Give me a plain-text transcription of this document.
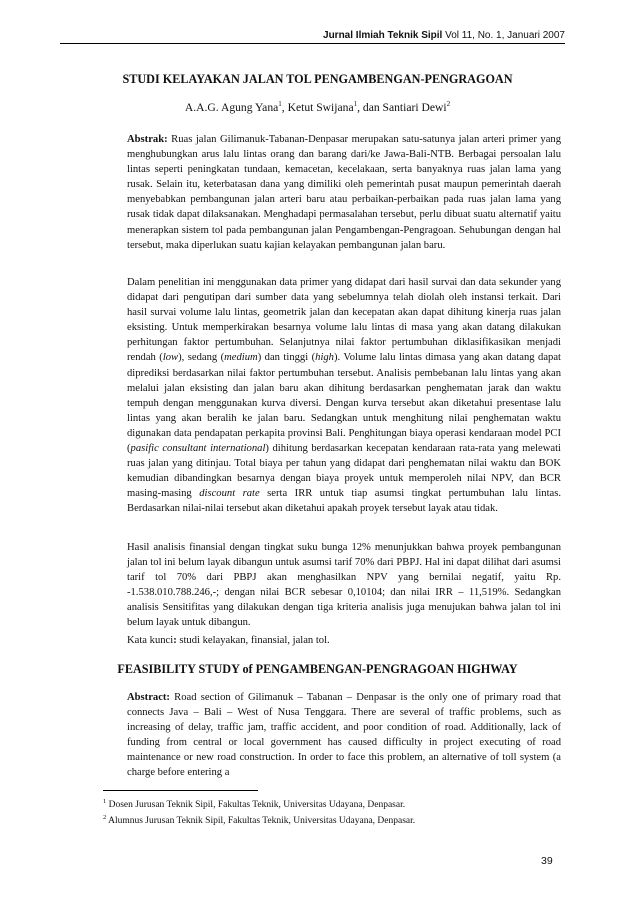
Jurnal Ilmiah Teknik Sipil Vol 11, No. 1, Januari 2007
STUDI KELAYAKAN JALAN TOL PENGAMBENGAN-PENGRAGOAN
A.A.G. Agung Yana$^1$, Ketut Swijana$^1$, dan Santiari Dewi$^2$
Abstrak: Ruas jalan Gilimanuk-Tabanan-Denpasar merupakan satu-satunya jalan arteri primer yang menghubungkan arus lalu lintas orang dan barang dari/ke Jawa-Bali-NTB. Berbagai persoalan lalu lintas seperti peningkatan tundaan, kemacetan, kecelakaan, serta banyaknya ruas jalan lama yang rusak. Selain itu, keterbatasan dana yang dimiliki oleh pemerintah pusat maupun pemerintah daerah menyebabkan pembangunan jalan arteri baru atau perbaikan-perbaikan pada ruas jalan lama yang rusak tidak dapat dilaksanakan. Menghadapi permasalahan tersebut, perlu dibuat suatu alternatif yaitu menerapkan sistem tol pada pembangunan jalan Pengambengan-Pengragoan. Sehubungan dengan hal tersebut, maka diperlukan suatu kajian kelayakan pembangunan jalan baru.
Dalam penelitian ini menggunakan data primer yang didapat dari hasil survai dan data sekunder yang didapat dari pengutipan dari sumber data yang sebelumnya telah diolah oleh instansi terkait. Dari hasil survai volume lalu lintas, geometrik jalan dan kecepatan akan dapat dihitung kinerja ruas jalan eksisting. Untuk memperkirakan besarnya volume lalu lintas di masa yang akan datang dilakukan perhitungan faktor pertumbuhan. Selanjutnya nilai faktor pertumbuhan diklasifikasikan menjadi rendah (low), sedang (medium) dan tinggi (high). Volume lalu lintas dimasa yang akan datang dapat diprediksi berdasarkan nilai faktor pertumbuhan tersebut. Analisis pembebanan lalu lintas yang akan melalui jalan eksisting dan jalan baru akan dihitung berdasarkan penghematan jarak dan waktu tempuh dengan menggunakan kurva diversi. Dengan kurva tersebut akan diketahui presentase lalu lintas yang akan beralih ke jalan baru. Sedangkan untuk menghitung nilai penghematan waktu digunakan data pendapatan perkapita provinsi Bali. Penghitungan biaya operasi kendaraan model PCI (pasific consultant international) dihitung berdasarkan kecepatan kendaraan rata-rata yang melewati ruas jalan yang ditinjau. Total biaya per tahun yang didapat dari penghematan nilai waktu dan BOK kemudian dibandingkan besarnya dengan biaya proyek untuk memperoleh nilai NPV, dan BCR masing-masing discount rate serta IRR untuk tiap asumsi tingkat pertumbuhan lalu lintas. Berdasarkan nilai-nilai tersebut akan diketahui apakah proyek tersebut layak atau tidak.
Hasil analisis finansial dengan tingkat suku bunga 12% menunjukkan bahwa proyek pembangunan jalan tol ini belum layak dibangun untuk asumsi tarif 70% dari PBPJ. Hal ini dapat dilihat dari asumsi tarif tol 70% dari PBPJ akan menghasilkan NPV yang bernilai negatif, yaitu Rp. -1.538.010.788.246,-; dengan nilai BCR sebesar 0,10104; dan nilai IRR – 11,519%. Sedangkan analisis Sensitifitas yang dilakukan dengan tiga kriteria analisis juga menujukan bahwa jalan tol ini belum layak untuk dibangun.
Kata kunci: studi kelayakan, finansial, jalan tol.
FEASIBILITY STUDY of PENGAMBENGAN-PENGRAGOAN HIGHWAY
Abstract: Road section of Gilimanuk – Tabanan – Denpasar is the only one of primary road that connects Java – Bali – West of Nusa Tenggara. There are several of traffic problems, such as increasing of delay, traffic jam, traffic accident, and poor condition of road. Additionally, lack of funding from central or local government has caused difficulty in project executing of road maintenance or new road construction. In order to face this problem, an alternative of toll system (a charge before entering a
$^1$ Dosen Jurusan Teknik Sipil, Fakultas Teknik, Universitas Udayana, Denpasar.
$^2$ Alumnus Jurusan Teknik Sipil, Fakultas Teknik, Universitas Udayana, Denpasar.
39
